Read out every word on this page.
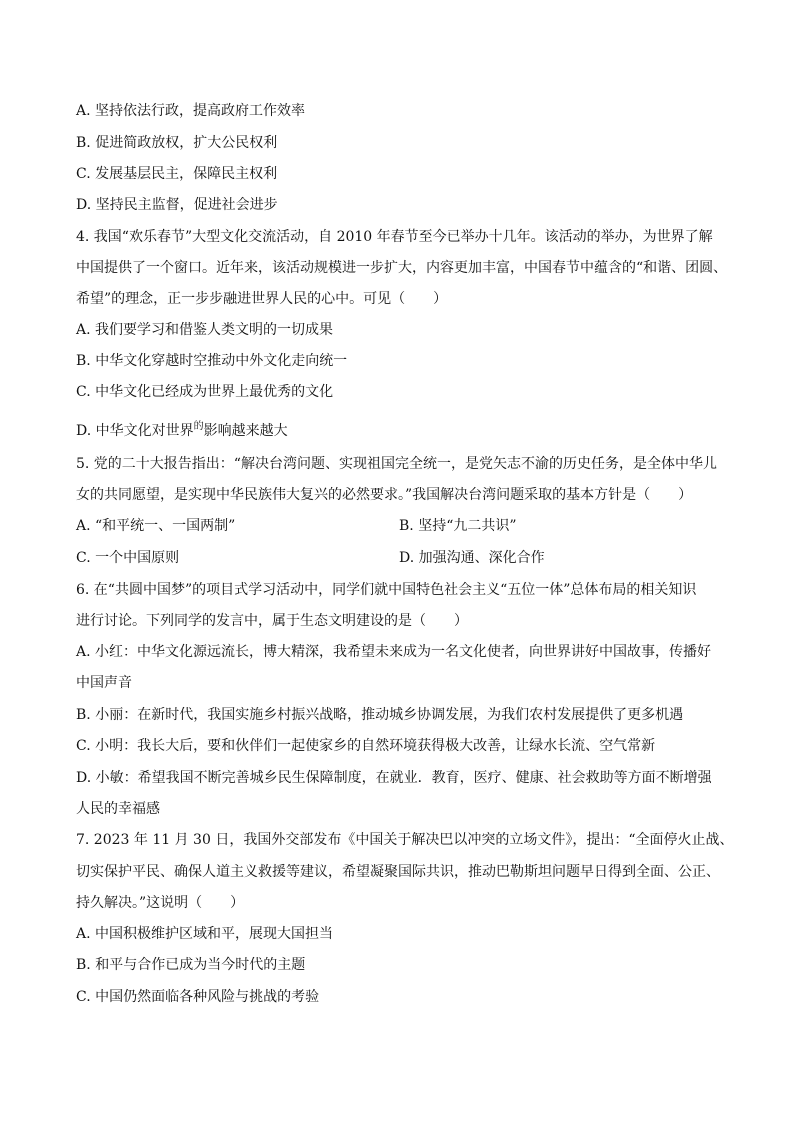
A. 坚持依法行政，提高政府工作效率
B. 促进简政放权，扩大公民权利
C. 发展基层民主，保障民主权利
D. 坚持民主监督，促进社会进步
4. 我国“欢乐春节”大型文化交流活动，自 2010 年春节至今已举办十几年。该活动的举办，为世界了解
中国提供了一个窗口。近年来，该活动规模进一步扩大，内容更加丰富，中国春节中蕴含的“和谐、团圆、
希望”的理念，正一步步融进世界人民的心中。可见（　　）
A. 我们要学习和借鉴人类文明的一切成果
B. 中华文化穿越时空推动中外文化走向统一
C. 中华文化已经成为世界上最优秀的文化
D. 中华文化对世界$^的$影响越来越大
5. 党的二十大报告指出：“解决台湾问题、实现祖国完全统一，是党矢志不渝的历史任务，是全体中华儿
女的共同愿望，是实现中华民族伟大复兴的必然要求。”我国解决台湾问题采取的基本方针是（　　）
A. “和平统一、一国两制”	B. 坚持“九二共识”
C. 一个中国原则	D. 加强沟通、深化合作
6. 在“共圆中国梦”的项目式学习活动中，同学们就中国特色社会主义“五位一体”总体布局的相关知识
进行讨论。下列同学的发言中，属于生态文明建设的是（　　）
A. 小红：中华文化源远流长，博大精深，我希望未来成为一名文化使者，向世界讲好中国故事，传播好
中国声音
B. 小丽：在新时代，我国实施乡村振兴战略，推动城乡协调发展，为我们农村发展提供了更多机遇
C. 小明：我长大后，要和伙伴们一起使家乡的自然环境获得极大改善，让绿水长流、空气常新
D. 小敏：希望我国不断完善城乡民生保障制度，在就业．教育，医疗、健康、社会救助等方面不断增强
人民的幸福感
7. 2023 年 11 月 30 日，我国外交部发布《中国关于解决巴以冲突的立场文件》，提出：“全面停火止战、
切实保护平民、确保人道主义救援等建议，希望凝聚国际共识，推动巴勒斯坦问题早日得到全面、公正、
持久解决。”这说明（　　）
A. 中国积极维护区域和平，展现大国担当
B. 和平与合作已成为当今时代的主题
C. 中国仍然面临各种风险与挑战的考验
